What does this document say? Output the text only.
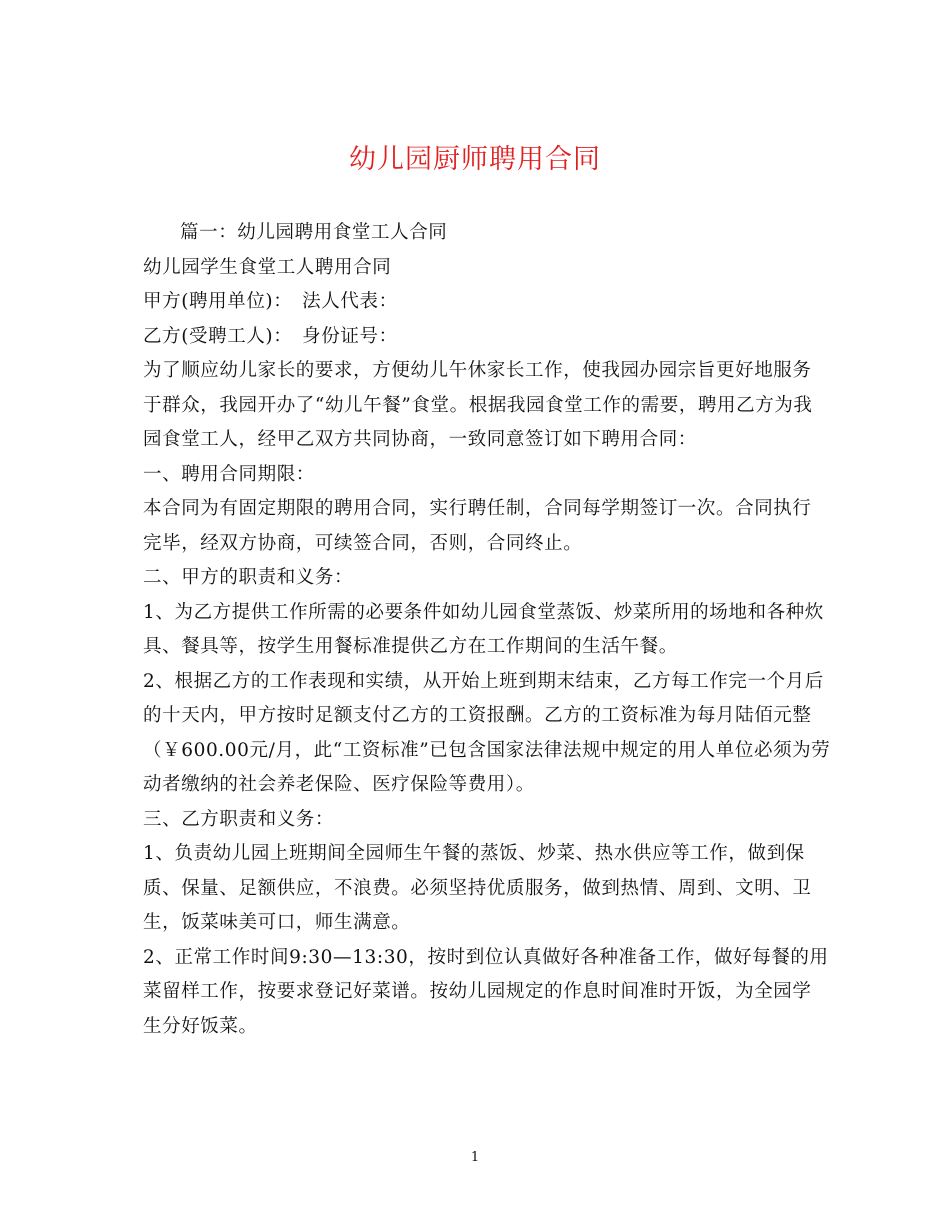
幼儿园厨师聘用合同
篇一：幼儿园聘用食堂工人合同
幼儿园学生食堂工人聘用合同
甲方(聘用单位)：　法人代表：
乙方(受聘工人)：　身份证号：
为了顺应幼儿家长的要求，方便幼儿午休家长工作，使我园办园宗旨更好地服务
于群众，我园开办了“幼儿午餐”食堂。根据我园食堂工作的需要，聘用乙方为我
园食堂工人，经甲乙双方共同协商，一致同意签订如下聘用合同：
一、聘用合同期限：
本合同为有固定期限的聘用合同，实行聘任制，合同每学期签订一次。合同执行
完毕，经双方协商，可续签合同，否则，合同终止。
二、甲方的职责和义务：
1、为乙方提供工作所需的必要条件如幼儿园食堂蒸饭、炒菜所用的场地和各种炊
具、餐具等，按学生用餐标准提供乙方在工作期间的生活午餐。
2、根据乙方的工作表现和实绩，从开始上班到期末结束，乙方每工作完一个月后
的十天内，甲方按时足额支付乙方的工资报酬。乙方的工资标准为每月陆佰元整
（￥600.00元/月，此“工资标准”已包含国家法律法规中规定的用人单位必须为劳
动者缴纳的社会养老保险、医疗保险等费用）。
三、乙方职责和义务：
1、负责幼儿园上班期间全园师生午餐的蒸饭、炒菜、热水供应等工作，做到保
质、保量、足额供应，不浪费。必须坚持优质服务，做到热情、周到、文明、卫
生，饭菜味美可口，师生满意。
2、正常工作时间9:30—13:30，按时到位认真做好各种准备工作，做好每餐的用
菜留样工作，按要求登记好菜谱。按幼儿园规定的作息时间准时开饭，为全园学
生分好饭菜。
1
